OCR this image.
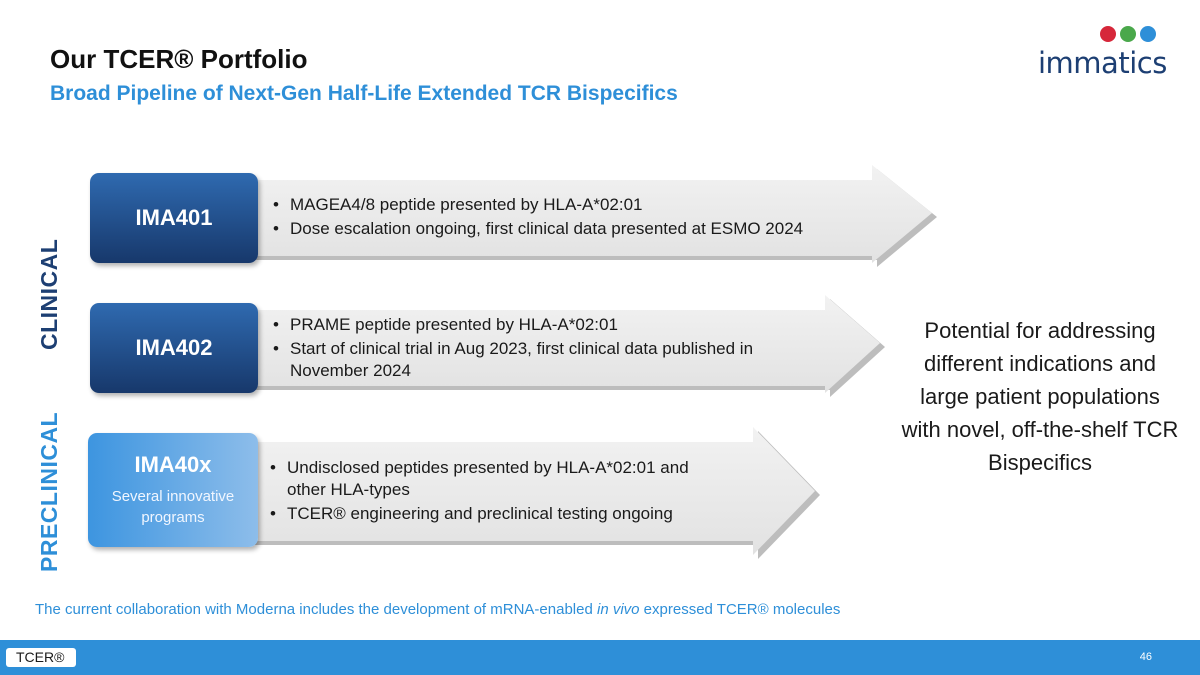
Our TCER® Portfolio
Broad Pipeline of Next-Gen Half-Life Extended TCR Bispecifics
immatics
CLINICAL
PRECLINICAL
IMA401
• MAGEA4/8 peptide presented by HLA-A*02:01
• Dose escalation ongoing, first clinical data presented at ESMO 2024
IMA402
• PRAME peptide presented by HLA-A*02:01
• Start of clinical trial in Aug 2023, first clinical data published in November 2024
IMA40x
Several innovative programs
• Undisclosed peptides presented by HLA-A*02:01 and other HLA-types
• TCER® engineering and preclinical testing ongoing
Potential for addressing different indications and large patient populations with novel, off-the-shelf TCR Bispecifics
The current collaboration with Moderna includes the development of mRNA-enabled in vivo expressed TCER® molecules
TCER®	46
